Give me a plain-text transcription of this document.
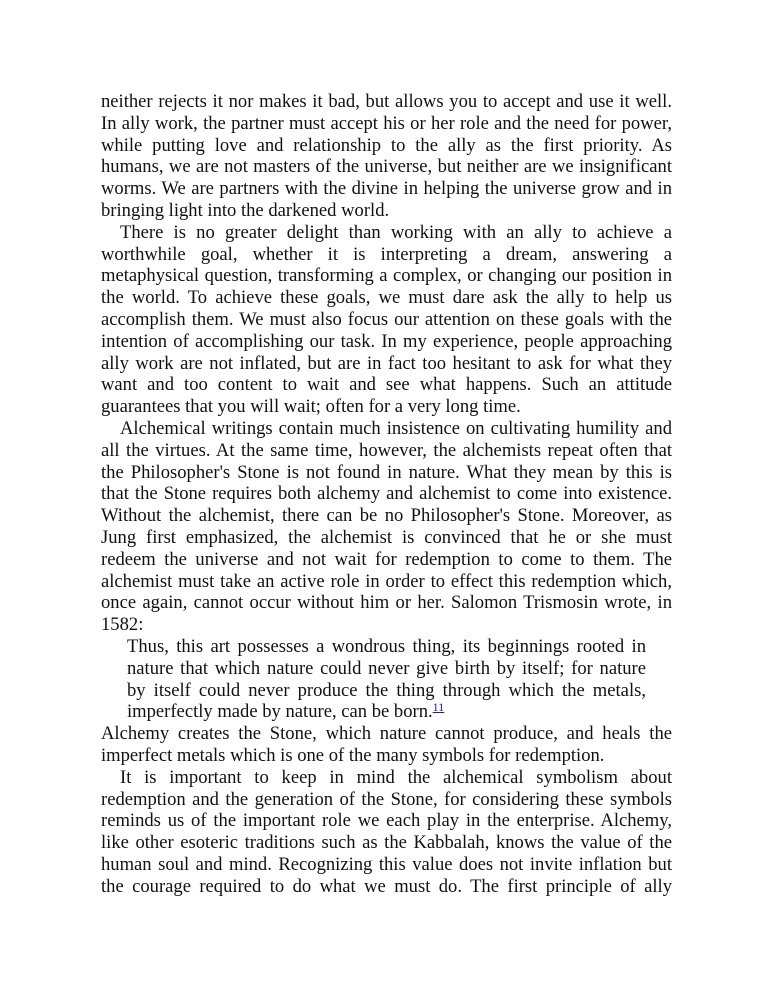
neither rejects it nor makes it bad, but allows you to accept and use it well. In ally work, the partner must accept his or her role and the need for power, while putting love and relationship to the ally as the first priority. As humans, we are not masters of the universe, but neither are we insignificant worms. We are partners with the divine in helping the universe grow and in bringing light into the darkened world.

There is no greater delight than working with an ally to achieve a worthwhile goal, whether it is interpreting a dream, answering a metaphysical question, transforming a complex, or changing our position in the world. To achieve these goals, we must dare ask the ally to help us accomplish them. We must also focus our attention on these goals with the intention of accomplishing our task. In my experience, people approaching ally work are not inflated, but are in fact too hesitant to ask for what they want and too content to wait and see what happens. Such an attitude guarantees that you will wait; often for a very long time.

Alchemical writings contain much insistence on cultivating humility and all the virtues. At the same time, however, the alchemists repeat often that the Philosopher's Stone is not found in nature. What they mean by this is that the Stone requires both alchemy and alchemist to come into existence. Without the alchemist, there can be no Philosopher's Stone. Moreover, as Jung first emphasized, the alchemist is convinced that he or she must redeem the universe and not wait for redemption to come to them. The alchemist must take an active role in order to effect this redemption which, once again, cannot occur without him or her. Salomon Trismosin wrote, in 1582:

Thus, this art possesses a wondrous thing, its beginnings rooted in nature that which nature could never give birth by itself; for nature by itself could never produce the thing through which the metals, imperfectly made by nature, can be born.$^{11}$

Alchemy creates the Stone, which nature cannot produce, and heals the imperfect metals which is one of the many symbols for redemption.

It is important to keep in mind the alchemical symbolism about redemption and the generation of the Stone, for considering these symbols reminds us of the important role we each play in the enterprise. Alchemy, like other esoteric traditions such as the Kabbalah, knows the value of the human soul and mind. Recognizing this value does not invite inflation but the courage required to do what we must do. The first principle of ally
